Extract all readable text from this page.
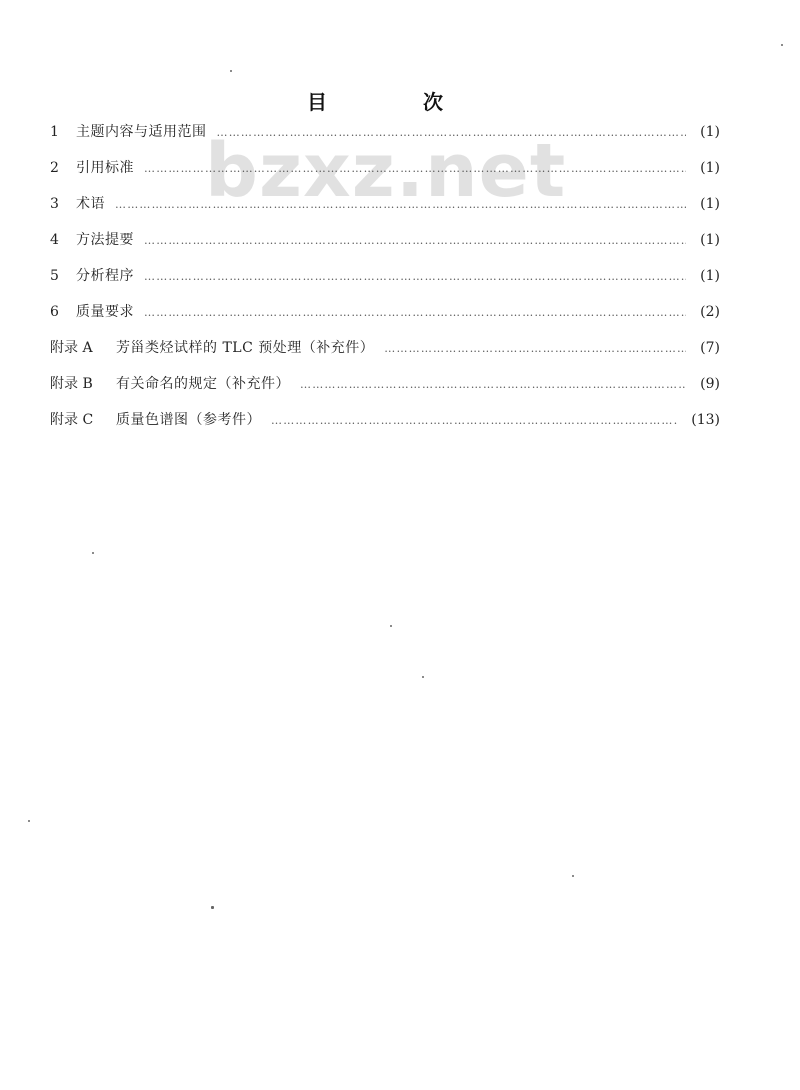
bzxz.net
目　次
1	主题内容与适用范围 ……………………………………………………………………………………………………………………………………………………………………………………	(1)
2	引用标准 ……………………………………………………………………………………………………………………………………………………………………………………	(1)
3	术语 ……………………………………………………………………………………………………………………………………………………………………………………	(1)
4	方法提要 ……………………………………………………………………………………………………………………………………………………………………………………	(1)
5	分析程序 ……………………………………………………………………………………………………………………………………………………………………………………	(1)
6	质量要求 ……………………………………………………………………………………………………………………………………………………………………………………	(2)
附录 A	芳甾类烃试样的 TLC 预处理（补充件） ……………………………………………………………………………………………………………………………………………………………………………………	(7)
附录 B	有关命名的规定（补充件） ……………………………………………………………………………………………………………………………………………………………………………………	(9)
附录 C	质量色谱图（参考件） ……………………………………………………………………………………………………………………………………………………………………………………	(13)
